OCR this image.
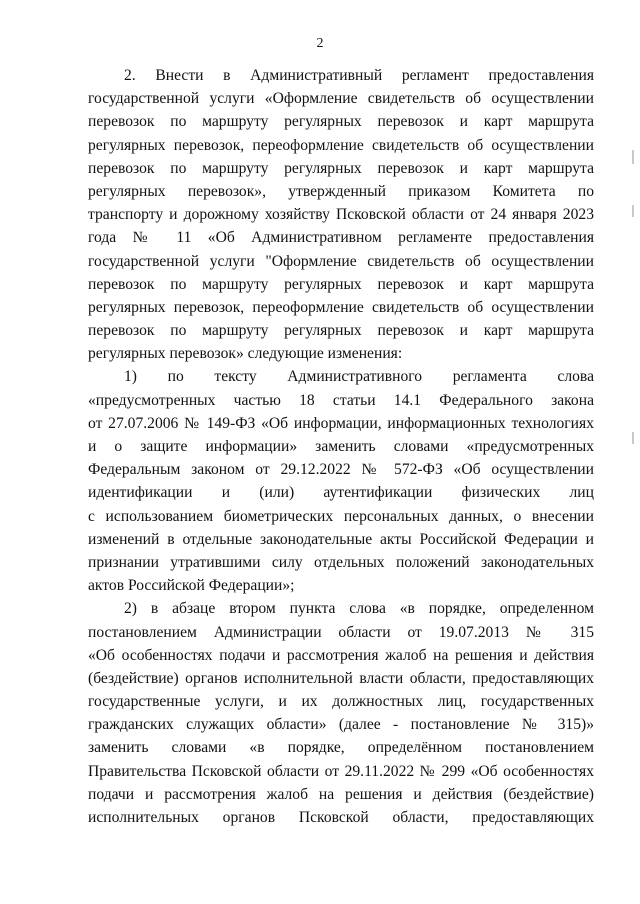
2
2. Внести в Административный регламент предоставления
государственной услуги «Оформление свидетельств об осуществлении
перевозок по маршруту регулярных перевозок и карт маршрута
регулярных перевозок, переоформление свидетельств об осуществлении
перевозок по маршруту регулярных перевозок и карт маршрута
регулярных перевозок», утвержденный приказом Комитета по
транспорту и дорожному хозяйству Псковской области от 24 января 2023
года № 11 «Об Административном регламенте предоставления
государственной услуги "Оформление свидетельств об осуществлении
перевозок по маршруту регулярных перевозок и карт маршрута
регулярных перевозок, переоформление свидетельств об осуществлении
перевозок по маршруту регулярных перевозок и карт маршрута
регулярных перевозок» следующие изменения:
1) по тексту Административного регламента слова
«предусмотренных частью 18 статьи 14.1 Федерального закона
от 27.07.2006 № 149-ФЗ «Об информации, информационных технологиях
и о защите информации» заменить словами «предусмотренных
Федеральным законом от 29.12.2022 № 572-ФЗ «Об осуществлении
идентификации и (или) аутентификации физических лиц
с использованием биометрических персональных данных, о внесении
изменений в отдельные законодательные акты Российской Федерации и
признании утратившими силу отдельных положений законодательных
актов Российской Федерации»;
2) в абзаце втором пункта слова «в порядке, определенном
постановлением Администрации области от 19.07.2013 № 315
«Об особенностях подачи и рассмотрения жалоб на решения и действия
(бездействие) органов исполнительной власти области, предоставляющих
государственные услуги, и их должностных лиц, государственных
гражданских служащих области» (далее - постановление № 315)»
заменить словами «в порядке, определённом постановлением
Правительства Псковской области от 29.11.2022 № 299 «Об особенностях
подачи и рассмотрения жалоб на решения и действия (бездействие)
исполнительных органов Псковской области, предоставляющих
